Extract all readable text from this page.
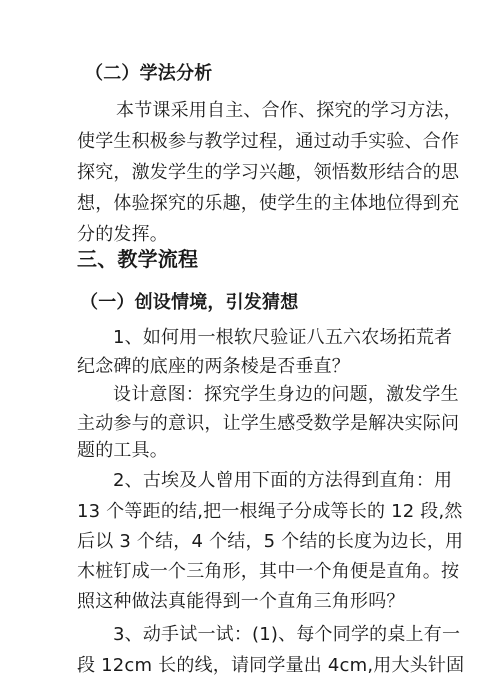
（二）学法分析
本节课采用自主、合作、探究的学习方法，
使学生积极参与教学过程，通过动手实验、合作
探究，激发学生的学习兴趣，领悟数形结合的思
想，体验探究的乐趣，使学生的主体地位得到充
分的发挥。
三、教学流程
（一）创设情境，引发猜想
1、如何用一根软尺验证八五六农场拓荒者
纪念碑的底座的两条棱是否垂直？
设计意图：探究学生身边的问题，激发学生
主动参与的意识，让学生感受数学是解决实际问
题的工具。
2、古埃及人曾用下面的方法得到直角：用
13 个等距的结,把一根绳子分成等长的 12 段,然
后以 3 个结，4 个结，5 个结的长度为边长，用
木桩钉成一个三角形，其中一个角便是直角。按
照这种做法真能得到一个直角三角形吗？
3、动手试一试：(1)、每个同学的桌上有一
段 12cm 长的线，请同学量出 4cm,用大头针固
